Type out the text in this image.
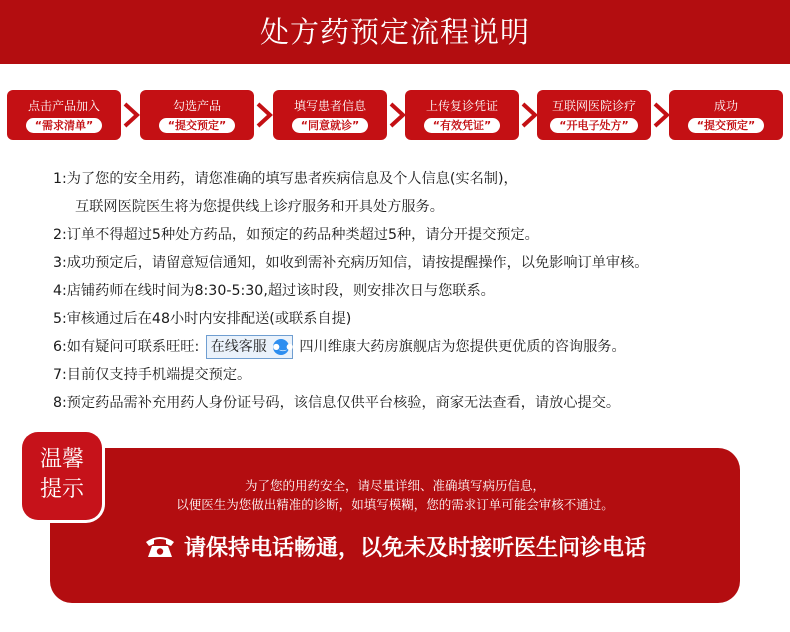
处方药预定流程说明
点击产品加入
“需求清单”
勾选产品
“提交预定”
填写患者信息
“同意就诊”
上传复诊凭证
“有效凭证”
互联网医院诊疗
“开电子处方”
成功
“提交预定”
1:为了您的安全用药，请您准确的填写患者疾病信息及个人信息(实名制)，
互联网医院医生将为您提供线上诊疗服务和开具处方服务。
2:订单不得超过5种处方药品，如预定的药品种类超过5种，请分开提交预定。
3:成功预定后，请留意短信通知，如收到需补充病历知信，请按提醒操作，以免影响订单审核。
4:店铺药师在线时间为8:30-5:30,超过该时段，则安排次日与您联系。
5:审核通过后在48小时内安排配送(或联系自提)
6:如有疑问可联系旺旺: 在线客服 ●‿● 四川维康大药房旗舰店为您提供更优质的咨询服务。
7:目前仅支持手机端提交预定。
8:预定药品需补充用药人身份证号码，该信息仅供平台核验，商家无法查看，请放心提交。
温馨
提示	为了您的用药安全，请尽量详细、准确填写病历信息，
以便医生为您做出精准的诊断，如填写模糊，您的需求订单可能会审核不通过。
请保持电话畅通，以免未及时接听医生问诊电话
